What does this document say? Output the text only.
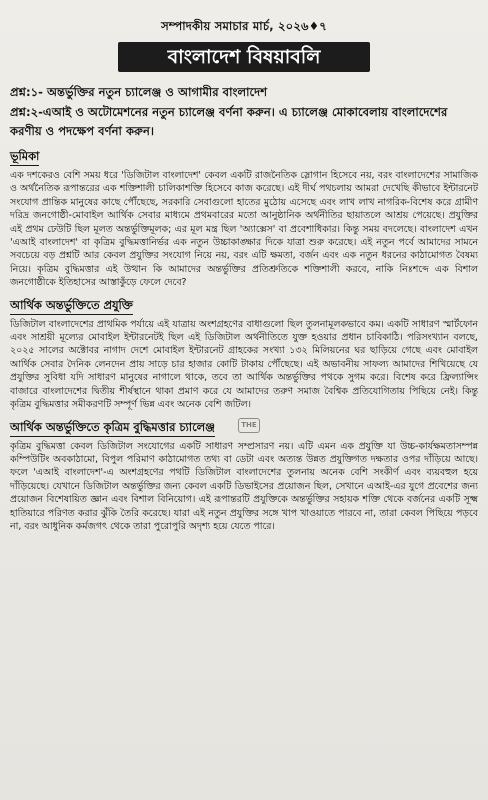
সম্পাদকীয় সমাচার মার্চ, ২০২৬♦৭
বাংলাদেশ বিষয়াবলি
প্রশ্ন:১- অন্তর্ভুক্তির নতুন চ্যালেঞ্জ ও আগামীর বাংলাদেশ
প্রশ্ন:২-এআই ও অটোমেশনের নতুন চ্যালেঞ্জ বর্ণনা করুন। এ চ্যালেঞ্জ মোকাবেলায় বাংলাদেশের করণীয় ও পদক্ষেপ বর্ণনা করুন।
ভূমিকা
এক দশকেরও বেশি সময় ধরে 'ডিজিটাল বাংলাদেশ' কেবল একটি রাজনৈতিক স্লোগান হিসেবে নয়, বরং বাংলাদেশের সামাজিক ও অর্থনৈতিক রূপান্তরের এক শক্তিশালী চালিকাশক্তি হিসেবে কাজ করেছে। এই দীর্ঘ পথচলায় আমরা দেখেছি কীভাবে ইন্টারনেট সংযোগ প্রান্তিক মানুষের কাছে পৌঁছেছে, সরকারি সেবাগুলো হাতের মুঠোয় এসেছে এবং লাখ লাখ নাগরিক-বিশেষ করে গ্রামীণ দরিদ্র জনগোষ্ঠী-মোবাইল আর্থিক সেবার মাধ্যমে প্রথমবারের মতো আনুষ্ঠানিক অর্থনীতির ছায়াতলে আশ্রয় পেয়েছে। প্রযুক্তির এই প্রথম ঢেউটি ছিল মূলত অন্তর্ভুক্তিমূলক; এর মূল মন্ত্র ছিল 'অ্যাক্সেস' বা প্রবেশাধিকার। কিন্তু সময় বদলেছে। বাংলাদেশ এখন 'এআই বাংলাদেশ' বা কৃত্রিম বুদ্ধিমত্তানির্ভর এক নতুন উচ্চাকাঙ্ক্ষার দিকে যাত্রা শুরু করেছে। এই নতুন পর্বে আমাদের সামনে সবচেয়ে বড় প্রশ্নটি আর কেবল প্রযুক্তির সংযোগ নিয়ে নয়, বরং এটি ক্ষমতা, বর্জন এবং এক নতুন ধরনের কাঠামোগত বৈষম্য নিয়ে। কৃত্রিম বুদ্ধিমত্তার এই উত্থান কি আমাদের অন্তর্ভুক্তির প্রতিশ্রুতিকে শক্তিশালী করবে, নাকি নিঃশব্দে এক বিশাল জনগোষ্ঠীকে ইতিহাসের আস্তাকুঁড়ে ফেলে দেবে?
আর্থিক অন্তর্ভুক্তিতে প্রযুক্তি
ডিজিটাল বাংলাদেশের প্রাথমিক পর্যায়ে এই যাত্রায় অংশগ্রহণের বাধাগুলো ছিল তুলনামূলকভাবে কম। একটি সাধারণ স্মার্টফোন এবং সাশ্রয়ী মূল্যের মোবাইল ইন্টারনেটই ছিল এই ডিজিটাল অর্থনীতিতে যুক্ত হওয়ার প্রধান চাবিকাঠি। পরিসংখ্যান বলছে, ২০২৫ সালের অক্টোবর নাগাদ দেশে মোবাইল ইন্টারনেট গ্রাহকের সংখ্যা ১৩২ মিলিয়নের ঘর ছাড়িয়ে গেছে এবং মোবাইল আর্থিক সেবার দৈনিক লেনদেন প্রায় সাড়ে চার হাজার কোটি টাকায় পৌঁছেছে। এই অভাবনীয় সাফল্য আমাদের শিখিয়েছে যে প্রযুক্তির সুবিধা যদি সাধারণ মানুষের নাগালে থাকে, তবে তা আর্থিক অন্তর্ভুক্তির পথকে সুগম করে। বিশেষ করে ফ্রিল্যান্সিং বাজারে বাংলাদেশের দ্বিতীয় শীর্ষস্থানে থাকা প্রমাণ করে যে আমাদের তরুণ সমাজ বৈশ্বিক প্রতিযোগিতায় পিছিয়ে নেই। কিন্তু কৃত্রিম বুদ্ধিমত্তার সমীকরণটি সম্পূর্ণ ভিন্ন এবং অনেক বেশি জটিল।
আর্থিক অন্তর্ভুক্তিতে কৃত্রিম বুদ্ধিমত্তার চ্যালেঞ্জ
কৃত্রিম বুদ্ধিমত্তা কেবল ডিজিটাল সংযোগের একটি সাধারণ সম্প্রসারণ নয়। এটি এমন এক প্রযুক্তি যা উচ্চ-কার্যক্ষমতাসম্পন্ন কম্পিউটিং অবকাঠামো, বিপুল পরিমাণ কাঠামোগত তথ্য বা ডেটা এবং অত্যন্ত উন্নত প্রযুক্তিগত দক্ষতার ওপর দাঁড়িয়ে আছে। ফলে 'এআই বাংলাদেশ'-এ অংশগ্রহণের পথটি ডিজিটাল বাংলাদেশের তুলনায় অনেক বেশি সংকীর্ণ এবং ব্যয়বহুল হয়ে দাঁড়িয়েছে। যেখানে ডিজিটাল অন্তর্ভুক্তির জন্য কেবল একটি ডিভাইসের প্রয়োজন ছিল, সেখানে এআই-এর যুগে প্রবেশের জন্য প্রয়োজন বিশেষায়িত জ্ঞান এবং বিশাল বিনিয়োগ। এই রূপান্তরটি প্রযুক্তিকে অন্তর্ভুক্তির সহায়ক শক্তি থেকে বর্জনের একটি সূক্ষ্ম হাতিয়ারে পরিণত করার ঝুঁকি তৈরি করেছে। যারা এই নতুন প্রযুক্তির সঙ্গে খাপ খাওয়াতে পারবে না, তারা কেবল পিছিয়ে পড়বে না, বরং আধুনিক কর্মজগৎ থেকে তারা পুরোপুরি অদৃশ্য হয়ে যেতে পারে।
THE
